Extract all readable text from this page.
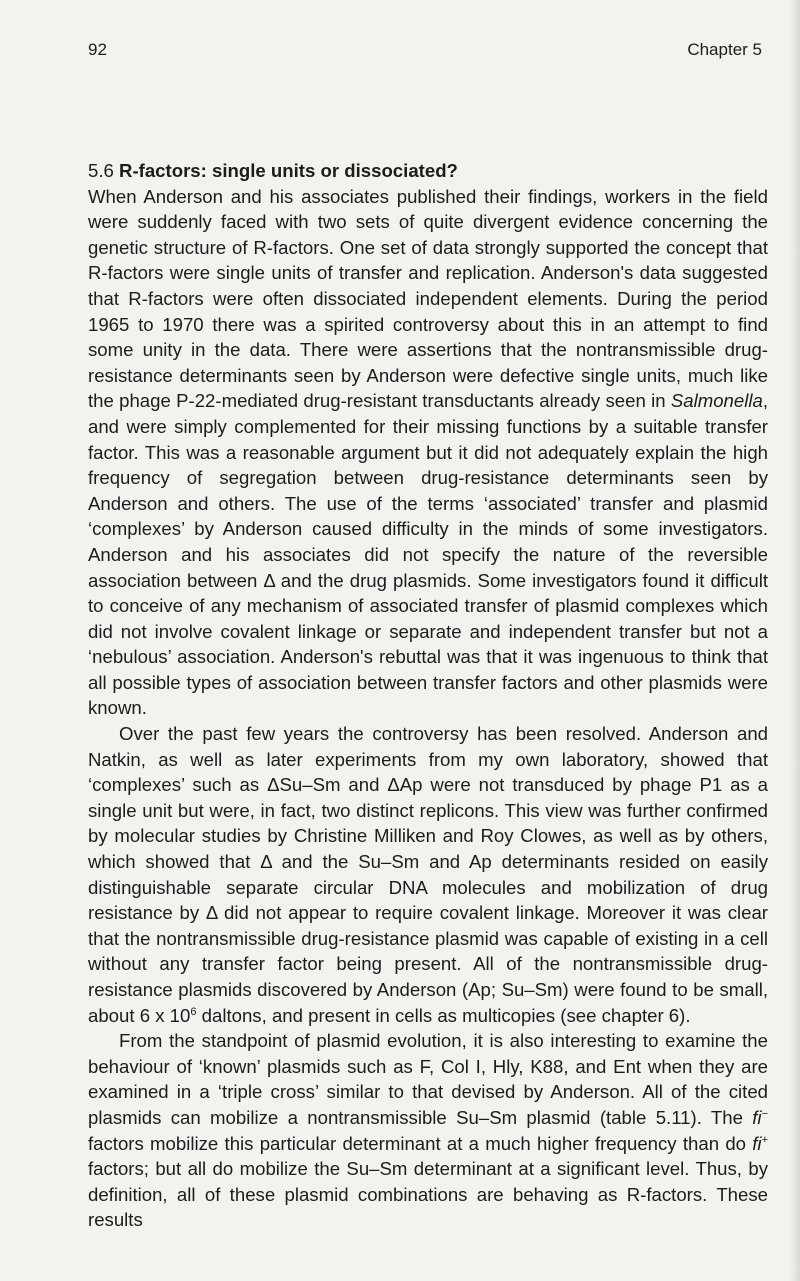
92	Chapter 5

5.6 R-factors: single units or dissociated?

When Anderson and his associates published their findings, workers in the field were suddenly faced with two sets of quite divergent evidence concerning the genetic structure of R-factors. One set of data strongly supported the concept that R-factors were single units of transfer and replication. Anderson's data suggested that R-factors were often dissociated independent elements. During the period 1965 to 1970 there was a spirited controversy about this in an attempt to find some unity in the data. There were assertions that the nontransmissible drug-resistance determinants seen by Anderson were defective single units, much like the phage P-22-mediated drug-resistant transductants already seen in Salmonella, and were simply complemented for their missing functions by a suitable transfer factor. This was a reasonable argument but it did not adequately explain the high frequency of segregation between drug-resistance determinants seen by Anderson and others. The use of the terms ‘associated’ transfer and plasmid ‘complexes’ by Anderson caused difficulty in the minds of some investigators. Anderson and his associates did not specify the nature of the reversible association between Δ and the drug plasmids. Some investigators found it difficult to conceive of any mechanism of associated transfer of plasmid complexes which did not involve covalent linkage or separate and independent transfer but not a ‘nebulous’ association. Anderson's rebuttal was that it was ingenuous to think that all possible types of association between transfer factors and other plasmids were known.

Over the past few years the controversy has been resolved. Anderson and Natkin, as well as later experiments from my own laboratory, showed that ‘complexes’ such as ΔSu–Sm and ΔAp were not transduced by phage P1 as a single unit but were, in fact, two distinct replicons. This view was further confirmed by molecular studies by Christine Milliken and Roy Clowes, as well as by others, which showed that Δ and the Su–Sm and Ap determinants resided on easily distinguishable separate circular DNA molecules and mobilization of drug resistance by Δ did not appear to require covalent linkage. Moreover it was clear that the nontransmissible drug-resistance plasmid was capable of existing in a cell without any transfer factor being present. All of the nontransmissible drug-resistance plasmids discovered by Anderson (Ap; Su–Sm) were found to be small, about 6 x $10^6$ daltons, and present in cells as multicopies (see chapter 6).

From the standpoint of plasmid evolution, it is also interesting to examine the behaviour of ‘known’ plasmids such as F, Col I, Hly, K88, and Ent when they are examined in a ‘triple cross’ similar to that devised by Anderson. All of the cited plasmids can mobilize a nontransmissible Su–Sm plasmid (table 5.11). The fi− factors mobilize this particular determinant at a much higher frequency than do fi+ factors; but all do mobilize the Su–Sm determinant at a significant level. Thus, by definition, all of these plasmid combinations are behaving as R-factors. These results
